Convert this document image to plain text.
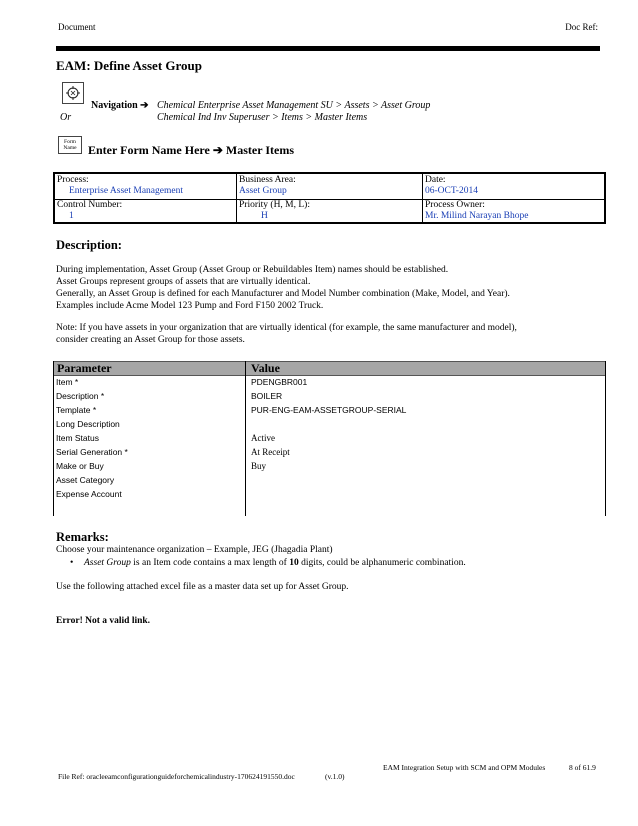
Document	Doc Ref:
EAM: Define Asset Group
Navigation ➔ Chemical Enterprise Asset Management SU > Assets > Asset Group
Or	Chemical Ind Inv Superuser > Items > Master Items
Form
Name Enter Form Name Here ➔ Master Items
Process:
Enterprise Asset Management
Business Area:
Asset Group
Date:
06-OCT-2014
Control Number:
1
Priority (H, M, L):
H
Process Owner:
Mr. Milind Narayan Bhope
Description:
During implementation, Asset Group (Asset Group or Rebuildables Item) names should be established.
Asset Groups represent groups of assets that are virtually identical.
Generally, an Asset Group is defined for each Manufacturer and Model Number combination (Make, Model, and Year).
Examples include Acme Model 123 Pump and Ford F150 2002 Truck.
Note: If you have assets in your organization that are virtually identical (for example, the same manufacturer and model),
consider creating an Asset Group for those assets.
Parameter	Value
Item *	PDENGBR001
Description *	BOILER
Template *	PUR-ENG-EAM-ASSETGROUP-SERIAL
Long Description
Item Status	Active
Serial Generation *	At Receipt
Make or Buy	Buy
Asset Category
Expense Account
Remarks:
Choose your maintenance organization – Example, JEG (Jhagadia Plant)
• Asset Group is an Item code contains a max length of 10 digits, could be alphanumeric combination.
Use the following attached excel file as a master data set up for Asset Group.
Error! Not a valid link.
EAM Integration Setup with SCM and OPM Modules	8 of 61.9
File Ref: oracleeamconfigurationguideforchemicalindustry-170624191550.doc	(v.1.0)
